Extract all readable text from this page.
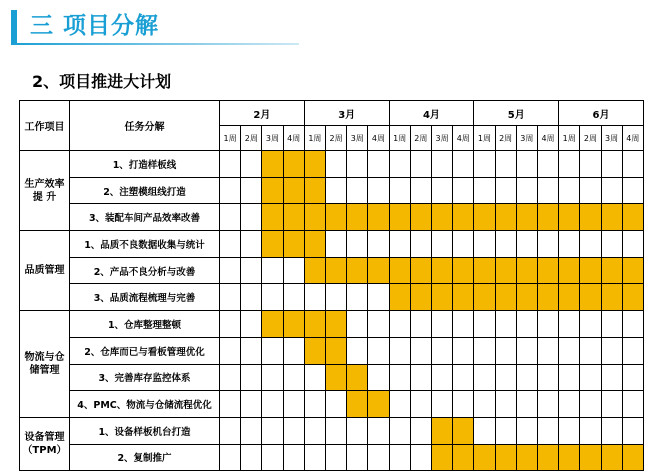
三 项目分解
2、项目推进大计划
工作项目	任务分解	2月				3月				4月				5月				6月			
		1周	2周	3周	4周	1周	2周	3周	4周	1周	2周	3周	4周	1周	2周	3周	4周	1周	2周	3周	4周
生产效率
提 升	1、打造样板线																				
	2、注塑模组线打造																				
	3、装配车间产品效率改善																				
品质管理	1、品质不良数据收集与统计																				
	2、产品不良分析与改善																				
	3、品质流程梳理与完善																				
物流与仓
储管理	1、仓库整理整顿																				
	2、仓库而已与看板管理优化																				
	3、完善库存监控体系																				
	4、PMC、物流与仓储流程优化																				
设备管理
（TPM）	1、设备样板机台打造																				
	2、复制推广																				
